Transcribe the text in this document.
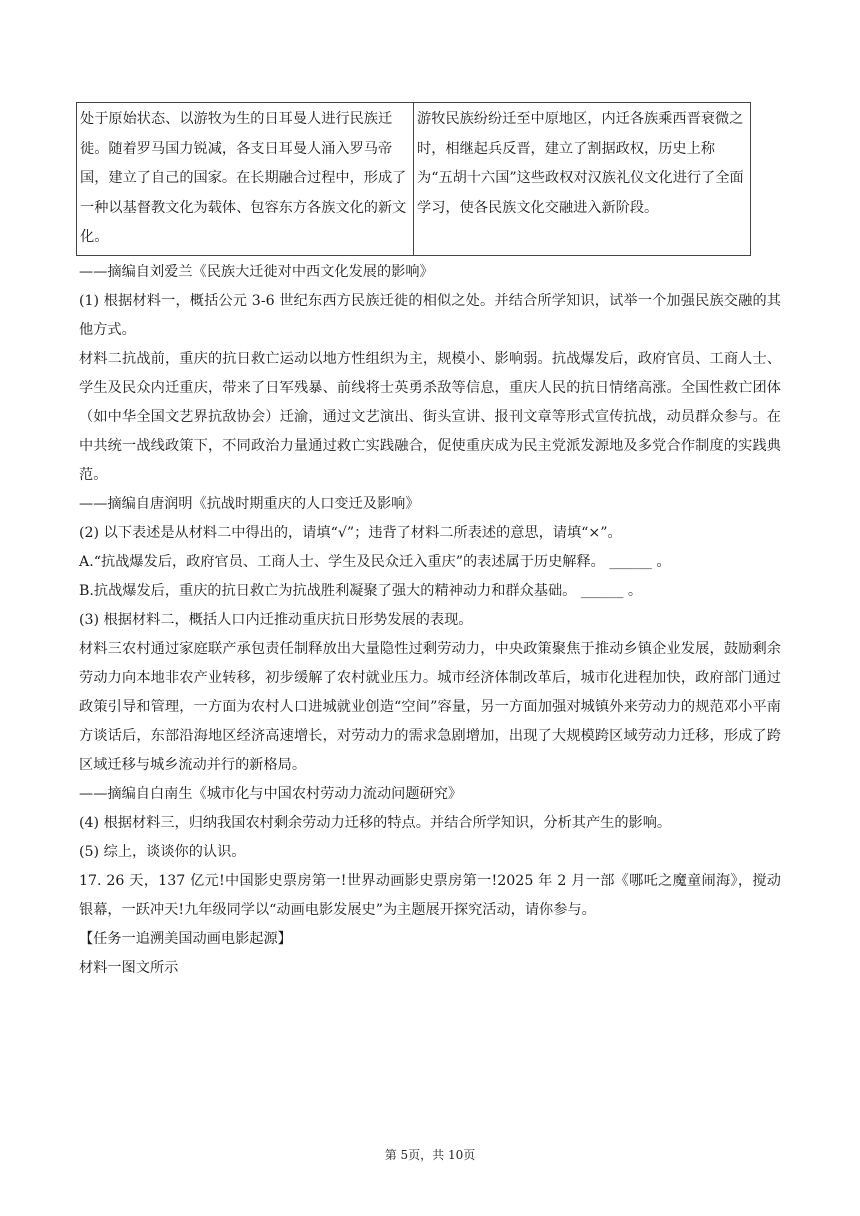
处于原始状态、以游牧为生的日耳曼人进行民族迁徙。随着罗马国力锐减，各支日耳曼人涌入罗马帝国，建立了自己的国家。在长期融合过程中，形成了一种以基督教文化为载体、包容东方各族文化的新文化。	游牧民族纷纷迁至中原地区，内迁各族乘西晋衰微之时，相继起兵反晋，建立了割据政权，历史上称为“五胡十六国”这些政权对汉族礼仪文化进行了全面学习，使各民族文化交融进入新阶段。

——摘编自刘爱兰《民族大迁徙对中西文化发展的影响》

(1) 根据材料一，概括公元 3-6 世纪东西方民族迁徙的相似之处。并结合所学知识，试举一个加强民族交融的其他方式。

材料二抗战前，重庆的抗日救亡运动以地方性组织为主，规模小、影响弱。抗战爆发后，政府官员、工商人士、学生及民众内迁重庆，带来了日军残暴、前线将士英勇杀敌等信息，重庆人民的抗日情绪高涨。全国性救亡团体（如中华全国文艺界抗敌协会）迁渝，通过文艺演出、街头宣讲、报刊文章等形式宣传抗战，动员群众参与。在中共统一战线政策下，不同政治力量通过救亡实践融合，促使重庆成为民主党派发源地及多党合作制度的实践典范。

——摘编自唐润明《抗战时期重庆的人口变迁及影响》

(2) 以下表述是从材料二中得出的，请填“√”；违背了材料二所表述的意思，请填“×”。

A.“抗战爆发后，政府官员、工商人士、学生及民众迁入重庆”的表述属于历史解释。 ______ 。

B.抗战爆发后，重庆的抗日救亡为抗战胜利凝聚了强大的精神动力和群众基础。 ______ 。

(3) 根据材料二，概括人口内迁推动重庆抗日形势发展的表现。

材料三农村通过家庭联产承包责任制释放出大量隐性过剩劳动力，中央政策聚焦于推动乡镇企业发展，鼓励剩余劳动力向本地非农产业转移，初步缓解了农村就业压力。城市经济体制改革后，城市化进程加快，政府部门通过政策引导和管理，一方面为农村人口进城就业创造“空间”容量，另一方面加强对城镇外来劳动力的规范邓小平南方谈话后，东部沿海地区经济高速增长，对劳动力的需求急剧增加，出现了大规模跨区域劳动力迁移，形成了跨区域迁移与城乡流动并行的新格局。

——摘编自白南生《城市化与中国农村劳动力流动问题研究》

(4) 根据材料三，归纳我国农村剩余劳动力迁移的特点。并结合所学知识，分析其产生的影响。

(5) 综上，谈谈你的认识。

17. 26 天，137 亿元!中国影史票房第一!世界动画影史票房第一!2025 年 2 月一部《哪吒之魔童闹海》，搅动银幕，一跃冲天!九年级同学以“动画电影发展史”为主题展开探究活动，请你参与。

【任务一追溯美国动画电影起源】

材料一图文所示

第 5页，共 10页
